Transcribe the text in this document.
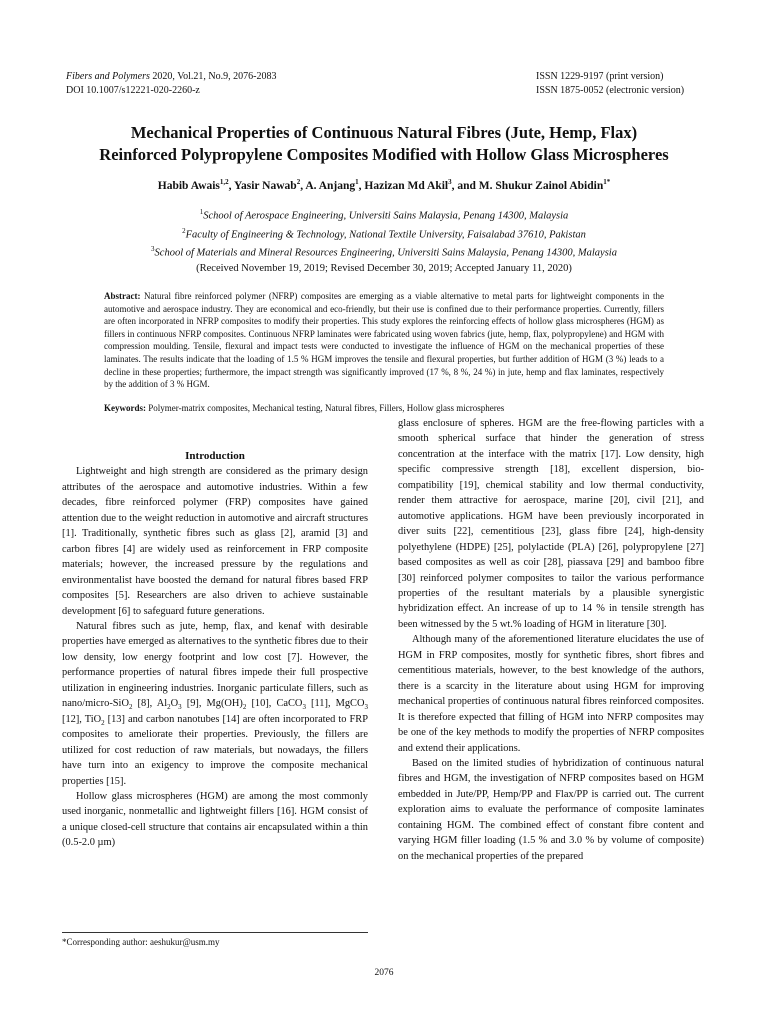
Fibers and Polymers 2020, Vol.21, No.9, 2076-2083
DOI 10.1007/s12221-020-2260-z
ISSN 1229-9197 (print version)
ISSN 1875-0052 (electronic version)
Mechanical Properties of Continuous Natural Fibres (Jute, Hemp, Flax)
Reinforced Polypropylene Composites Modified with Hollow Glass Microspheres
Habib Awais$^{1,2}$, Yasir Nawab$^2$, A. Anjang$^1$, Hazizan Md Akil$^3$, and M. Shukur Zainol Abidin$^{1*}$
$^1$School of Aerospace Engineering, Universiti Sains Malaysia, Penang 14300, Malaysia
$^2$Faculty of Engineering & Technology, National Textile University, Faisalabad 37610, Pakistan
$^3$School of Materials and Mineral Resources Engineering, Universiti Sains Malaysia, Penang 14300, Malaysia
(Received November 19, 2019; Revised December 30, 2019; Accepted January 11, 2020)
Abstract: Natural fibre reinforced polymer (NFRP) composites are emerging as a viable alternative to metal parts for lightweight components in the automotive and aerospace industry. They are economical and eco-friendly, but their use is confined due to their performance properties. Currently, fillers are often incorporated in NFRP composites to modify their properties. This study explores the reinforcing effects of hollow glass microspheres (HGM) as fillers in continuous NFRP composites. Continuous NFRP laminates were fabricated using woven fabrics (jute, hemp, flax, polypropylene) and HGM with compression moulding. Tensile, flexural and impact tests were conducted to investigate the influence of HGM on the mechanical properties of these laminates. The results indicate that the loading of 1.5 % HGM improves the tensile and flexural properties, but further addition of HGM (3 %) leads to a decline in these properties; furthermore, the impact strength was significantly improved (17 %, 8 %, 24 %) in jute, hemp and flax laminates, respectively by the addition of 3 % HGM.
Keywords: Polymer-matrix composites, Mechanical testing, Natural fibres, Fillers, Hollow glass microspheres

Introduction

Lightweight and high strength are considered as the primary design attributes of the aerospace and automotive industries. Within a few decades, fibre reinforced polymer (FRP) composites have gained attention due to the weight reduction in automotive and aircraft structures [1]. Traditionally, synthetic fibres such as glass [2], aramid [3] and carbon fibres [4] are widely used as reinforcement in FRP composite materials; however, the increased pressure by the regulations and environmentalist have boosted the demand for natural fibres based FRP composites [5]. Researchers are also driven to achieve sustainable development [6] to safeguard future generations.

Natural fibres such as jute, hemp, flax, and kenaf with desirable properties have emerged as alternatives to the synthetic fibres due to their low density, low energy footprint and low cost [7]. However, the performance properties of natural fibres impede their full prospective utilization in engineering industries. Inorganic particulate fillers, such as nano/micro-SiO$_2$ [8], $Al_2O_3$ [9], $Mg(OH)_2$ [10], CaCO$_3$ [11], MgCO$_3$ [12], TiO$_2$ [13] and carbon nanotubes [14] are often incorporated to FRP composites to ameliorate their properties. Previously, the fillers are utilized for cost reduction of raw materials, but nowadays, the fillers have turn into an exigency to improve the composite mechanical properties [15].

Hollow glass microspheres (HGM) are among the most commonly used inorganic, nonmetallic and lightweight fillers [16]. HGM consist of a unique closed-cell structure that contains air encapsulated within a thin (0.5-2.0 µm)

glass enclosure of spheres. HGM are the free-flowing particles with a smooth spherical surface that hinder the generation of stress concentration at the interface with the matrix [17]. Low density, high specific compressive strength [18], excellent dispersion, bio-compatibility [19], chemical stability and low thermal conductivity, render them attractive for aerospace, marine [20], civil [21], and automotive applications. HGM have been previously incorporated in diver suits [22], cementitious [23], glass fibre [24], high-density polyethylene (HDPE) [25], polylactide (PLA) [26], polypropylene [27] based composites as well as coir [28], piassava [29] and bamboo fibre [30] reinforced polymer composites to tailor the various performance properties of the resultant materials by a plausible synergistic hybridization effect. An increase of up to 14 % in tensile strength has been witnessed by the 5 wt.% loading of HGM in literature [30].

Although many of the aforementioned literature elucidates the use of HGM in FRP composites, mostly for synthetic fibres, short fibres and cementitious materials, however, to the best knowledge of the authors, there is a scarcity in the literature about using HGM for improving mechanical properties of continuous natural fibres reinforced composites. It is therefore expected that filling of HGM into NFRP composites may be one of the key methods to modify the properties of NFRP composites and extend their applications.

Based on the limited studies of hybridization of continuous natural fibres and HGM, the investigation of NFRP composites based on HGM embedded in Jute/PP, Hemp/PP and Flax/PP is carried out. The current exploration aims to evaluate the performance of composite laminates containing HGM. The combined effect of constant fibre content and varying HGM filler loading (1.5 % and 3.0 % by volume of composite) on the mechanical properties of the prepared

*Corresponding author: aeshukur@usm.my
2076
